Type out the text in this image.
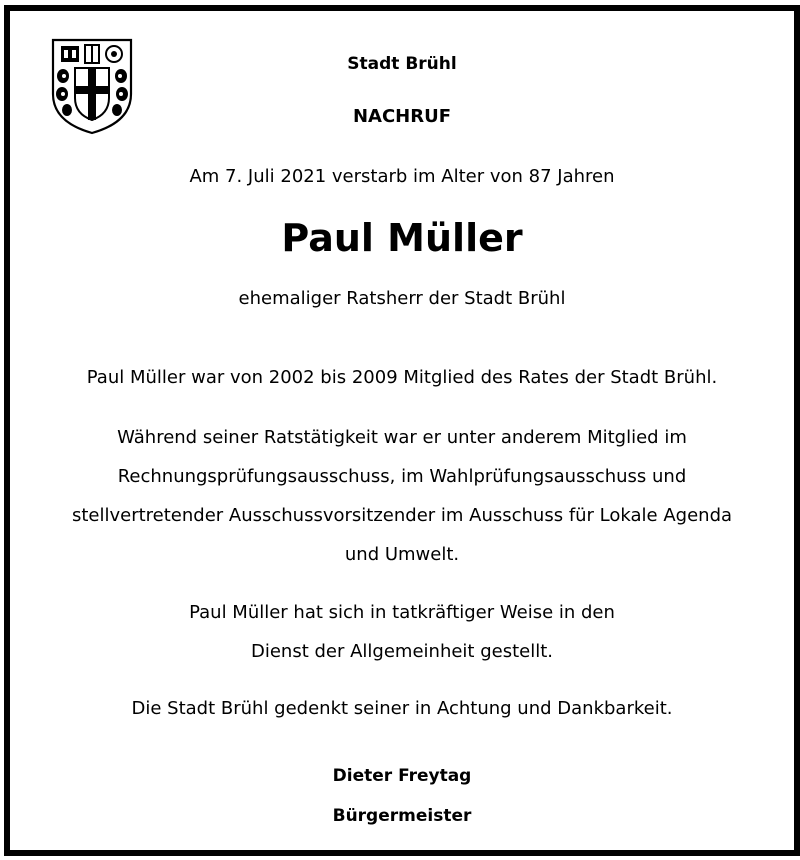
Stadt Brühl
NACHRUF
Am 7. Juli 2021 verstarb im Alter von 87 Jahren
Paul Müller
ehemaliger Ratsherr der Stadt Brühl
Paul Müller war von 2002 bis 2009 Mitglied des Rates der Stadt Brühl.
Während seiner Ratstätigkeit war er unter anderem Mitglied im
Rechnungsprüfungsausschuss, im Wahlprüfungsausschuss und
stellvertretender Ausschussvorsitzender im Ausschuss für Lokale Agenda
und Umwelt.
Paul Müller hat sich in tatkräftiger Weise in den
Dienst der Allgemeinheit gestellt.
Die Stadt Brühl gedenkt seiner in Achtung und Dankbarkeit.
Dieter Freytag
Bürgermeister
